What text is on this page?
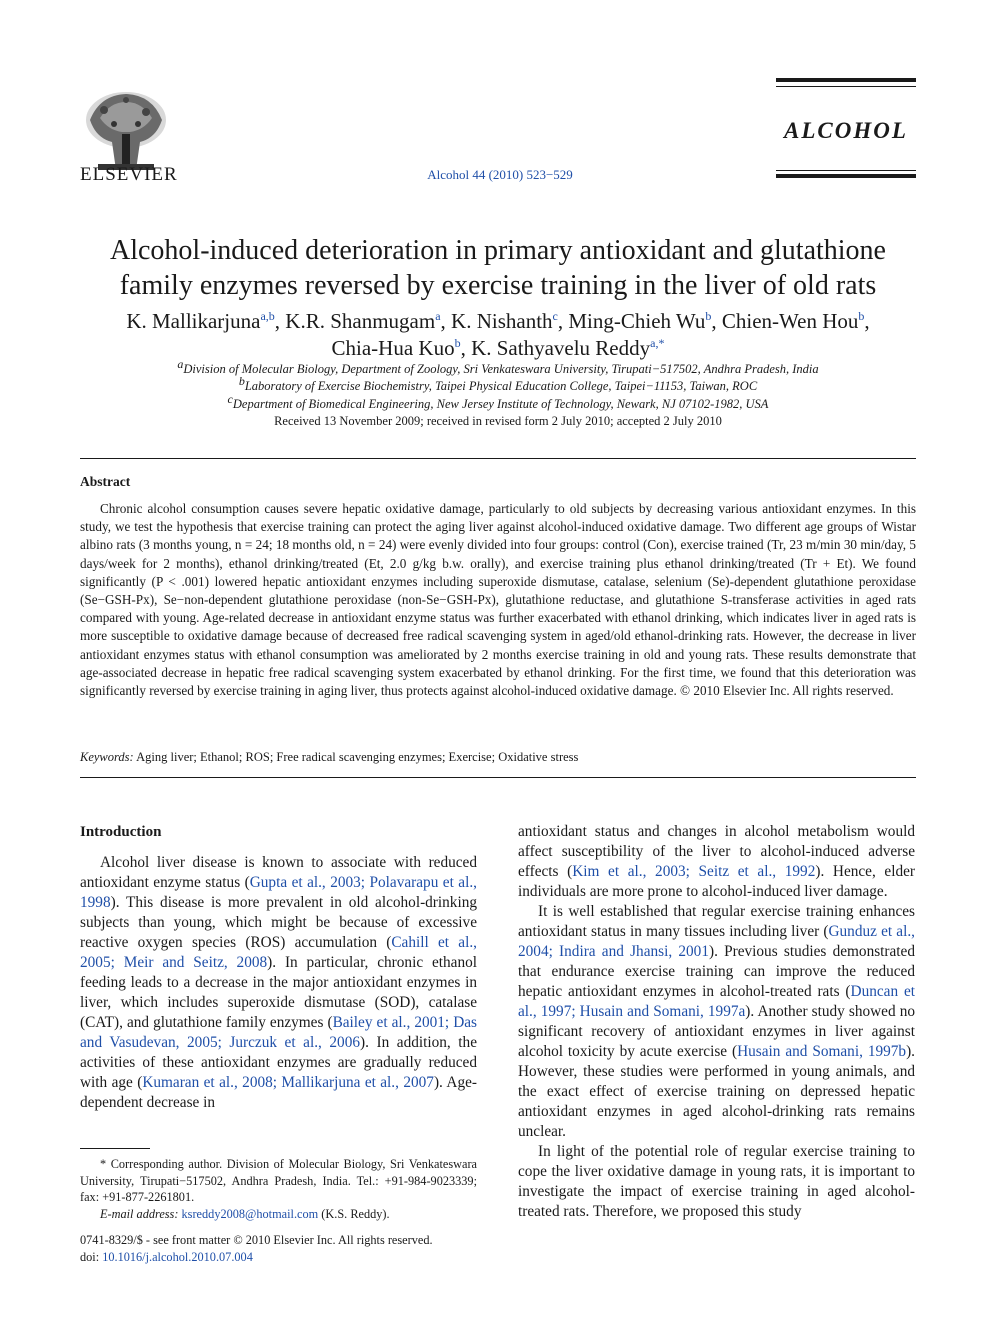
ELSEVIER	Alcohol 44 (2010) 523−529
ALCOHOL
Alcohol-induced deterioration in primary antioxidant and glutathione
family enzymes reversed by exercise training in the liver of old rats
K. Mallikarjuna$^{a,b}$, K.R. Shanmugam$^a$, K. Nishanth$^c$, Ming-Chieh Wu$^b$, Chien-Wen Hou$^b$,
Chia-Hua Kuo$^b$, K. Sathyavelu Reddy$^{a,*}$
$^a$Division of Molecular Biology, Department of Zoology, Sri Venkateswara University, Tirupati−517502, Andhra Pradesh, India
$^b$Laboratory of Exercise Biochemistry, Taipei Physical Education College, Taipei−11153, Taiwan, ROC
$^c$Department of Biomedical Engineering, New Jersey Institute of Technology, Newark, NJ 07102-1982, USA
Received 13 November 2009; received in revised form 2 July 2010; accepted 2 July 2010
Abstract

Chronic alcohol consumption causes severe hepatic oxidative damage, particularly to old subjects by decreasing various antioxidant enzymes. In this study, we test the hypothesis that exercise training can protect the aging liver against alcohol-induced oxidative damage. Two different age groups of Wistar albino rats (3 months young, n = 24; 18 months old, n = 24) were evenly divided into four groups: control (Con), exercise trained (Tr, 23 m/min 30 min/day, 5 days/week for 2 months), ethanol drinking/treated (Et, 2.0 g/kg b.w. orally), and exercise training plus ethanol drinking/treated (Tr + Et). We found significantly (P < .001) lowered hepatic antioxidant enzymes including superoxide dismutase, catalase, selenium (Se)-dependent glutathione peroxidase (Se−GSH-Px), Se−non-dependent glutathione peroxidase (non-Se−GSH-Px), glutathione reductase, and glutathione S-transferase activities in aged rats compared with young. Age-related decrease in antioxidant enzyme status was further exacerbated with ethanol drinking, which indicates liver in aged rats is more susceptible to oxidative damage because of decreased free radical scavenging system in aged/old ethanol-drinking rats. However, the decrease in liver antioxidant enzymes status with ethanol consumption was ameliorated by 2 months exercise training in old and young rats. These results demonstrate that age-associated decrease in hepatic free radical scavenging system exacerbated by ethanol drinking. For the first time, we found that this deterioration was significantly reversed by exercise training in aging liver, thus protects against alcohol-induced oxidative damage. © 2010 Elsevier Inc. All rights reserved.

Keywords: Aging liver; Ethanol; ROS; Free radical scavenging enzymes; Exercise; Oxidative stress
Introduction

Alcohol liver disease is known to associate with reduced antioxidant enzyme status (Gupta et al., 2003; Polavarapu et al., 1998). This disease is more prevalent in old alcohol-drinking subjects than young, which might be because of excessive reactive oxygen species (ROS) accumulation (Cahill et al., 2005; Meir and Seitz, 2008). In particular, chronic ethanol feeding leads to a decrease in the major antioxidant enzymes in liver, which includes superoxide dismutase (SOD), catalase (CAT), and glutathione family enzymes (Bailey et al., 2001; Das and Vasudevan, 2005; Jurczuk et al., 2006). In addition, the activities of these antioxidant enzymes are gradually reduced with age (Kumaran et al., 2008; Mallikarjuna et al., 2007). Age-dependent decrease in

antioxidant status and changes in alcohol metabolism would affect susceptibility of the liver to alcohol-induced adverse effects (Kim et al., 2003; Seitz et al., 1992). Hence, elder individuals are more prone to alcohol-induced liver damage.

It is well established that regular exercise training enhances antioxidant status in many tissues including liver (Gunduz et al., 2004; Indira and Jhansi, 2001). Previous studies demonstrated that endurance exercise training can improve the reduced hepatic antioxidant enzymes in alcohol-treated rats (Duncan et al., 1997; Husain and Somani, 1997a). Another study showed no significant recovery of antioxidant enzymes in liver against alcohol toxicity by acute exercise (Husain and Somani, 1997b). However, these studies were performed in young animals, and the exact effect of exercise training on depressed hepatic antioxidant enzymes in aged alcohol-drinking rats remains unclear.

In light of the potential role of regular exercise training to cope the liver oxidative damage in young rats, it is important to investigate the impact of exercise training in aged alcohol-treated rats. Therefore, we proposed this study

* Corresponding author. Division of Molecular Biology, Sri Venkateswara University, Tirupati−517502, Andhra Pradesh, India. Tel.: +91-984-9023339; fax: +91-877-2261801.

E-mail address: ksreddy2008@hotmail.com (K.S. Reddy).

0741-8329/$ - see front matter © 2010 Elsevier Inc. All rights reserved.
doi: 10.1016/j.alcohol.2010.07.004
